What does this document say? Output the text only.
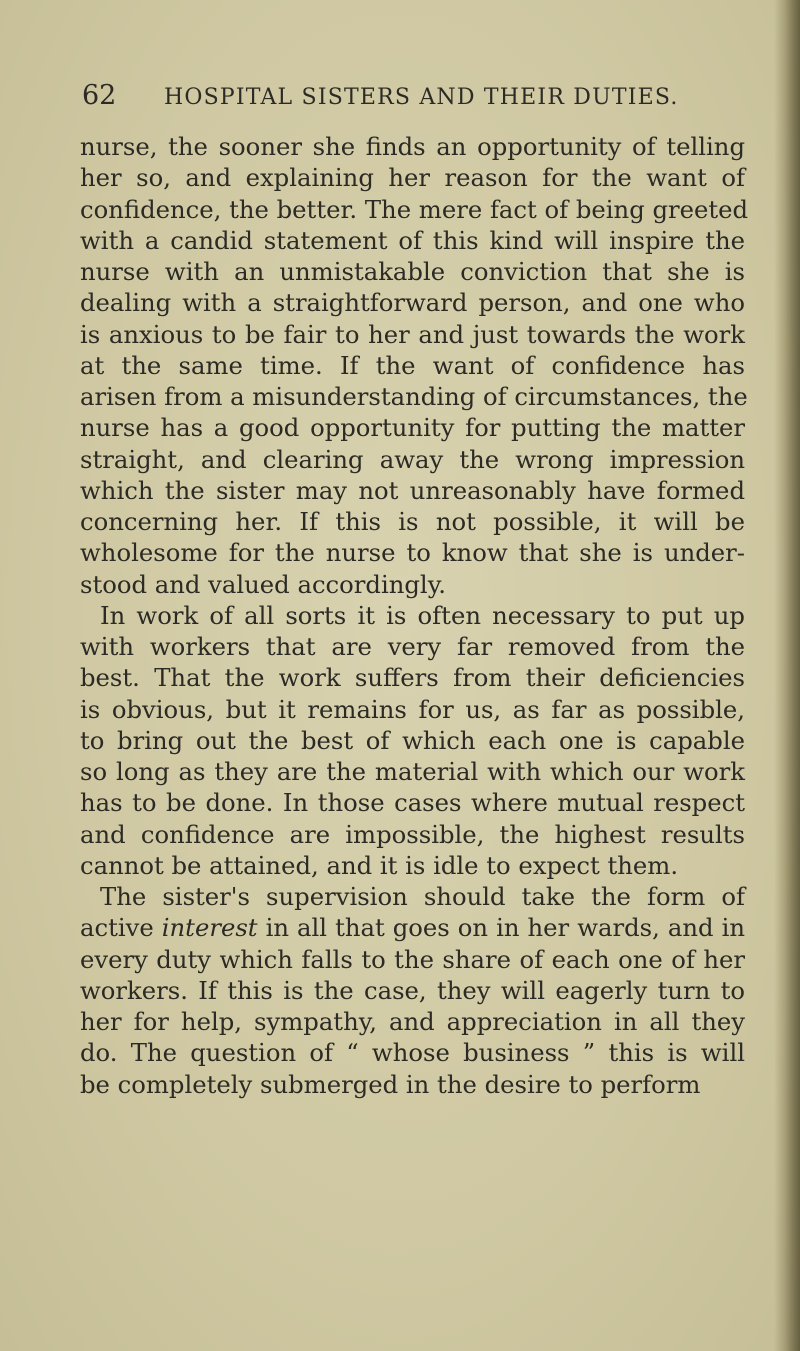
62	HOSPITAL SISTERS AND THEIR DUTIES.
nurse, the sooner she finds an opportunity of telling
her so, and explaining her reason for the want of
confidence, the better. The mere fact of being greeted
with a candid statement of this kind will inspire the
nurse with an unmistakable conviction that she is
dealing with a straightforward person, and one who
is anxious to be fair to her and just towards the work
at the same time. If the want of confidence has
arisen from a misunderstanding of circumstances, the
nurse has a good opportunity for putting the matter
straight, and clearing away the wrong impression
which the sister may not unreasonably have formed
concerning her. If this is not possible, it will be
wholesome for the nurse to know that she is under-
stood and valued accordingly.
In work of all sorts it is often necessary to put up
with workers that are very far removed from the
best. That the work suffers from their deficiencies
is obvious, but it remains for us, as far as possible,
to bring out the best of which each one is capable
so long as they are the material with which our work
has to be done. In those cases where mutual respect
and confidence are impossible, the highest results
cannot be attained, and it is idle to expect them.
The sister's supervision should take the form of
active interest in all that goes on in her wards, and in
every duty which falls to the share of each one of her
workers. If this is the case, they will eagerly turn to
her for help, sympathy, and appreciation in all they
do. The question of “ whose business ” this is will
be completely submerged in the desire to perform
